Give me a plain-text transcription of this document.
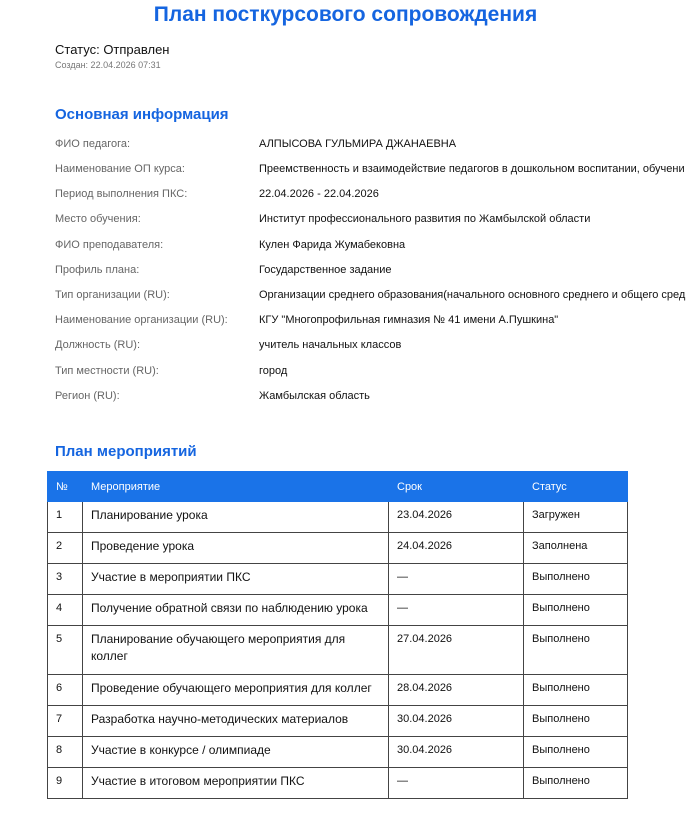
План посткурсового сопровождения
Статус: Отправлен
Создан: 22.04.2026 07:31
Основная информация
ФИО педагога:	АЛПЫСОВА ГУЛЬМИРА ДЖАНАЕВНА
Наименование ОП курса:	Преемственность и взаимодействие педагогов в дошкольном воспитании, обучени
Период выполнения ПКС:	22.04.2026 - 22.04.2026
Место обучения:	Институт профессионального развития по Жамбылской области
ФИО преподавателя:	Кулен Фарида Жумабековна
Профиль плана:	Государственное задание
Тип организации (RU):	Организации среднего образования(начального основного среднего и общего сред
Наименование организации (RU):	КГУ "Многопрофильная гимназия № 41 имени А.Пушкина"
Должность (RU):	учитель начальных классов
Тип местности (RU):	город
Регион (RU):	Жамбылская область
План мероприятий
№	Мероприятие	Срок	Статус
1	Планирование урока	23.04.2026	Загружен
2	Проведение урока	24.04.2026	Заполнена
3	Участие в мероприятии ПКС	—	Выполнено
4	Получение обратной связи по наблюдению урока	—	Выполнено
5	Планирование обучающего мероприятия для коллег	27.04.2026	Выполнено
6	Проведение обучающего мероприятия для коллег	28.04.2026	Выполнено
7	Разработка научно-методических материалов	30.04.2026	Выполнено
8	Участие в конкурсе / олимпиаде	30.04.2026	Выполнено
9	Участие в итоговом мероприятии ПКС	—	Выполнено
